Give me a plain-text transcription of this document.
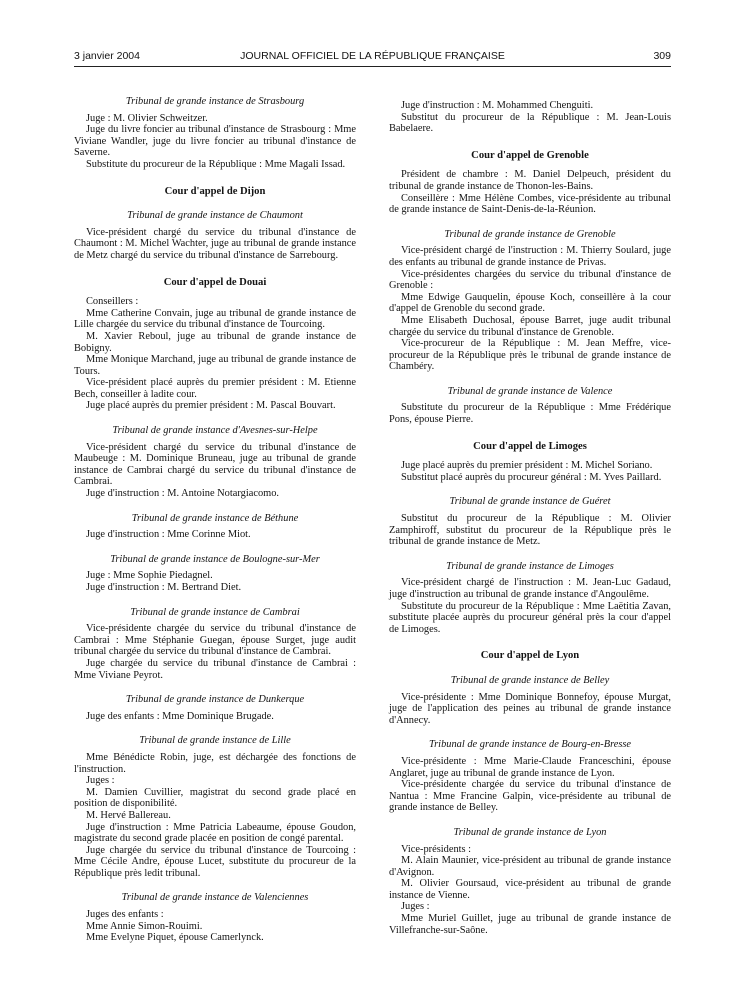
3 janvier 2004	JOURNAL OFFICIEL DE LA RÉPUBLIQUE FRANÇAISE	309
Tribunal de grande instance de Strasbourg

Juge : M. Olivier Schweitzer.

Juge du livre foncier au tribunal d'instance de Strasbourg : Mme Viviane Wandler, juge du livre foncier au tribunal d'instance de Saverne.

Substitute du procureur de la République : Mme Magali Issad.

Cour d'appel de Dijon
Tribunal de grande instance de Chaumont

Vice-président chargé du service du tribunal d'instance de Chaumont : M. Michel Wachter, juge au tribunal de grande instance de Metz chargé du service du tribunal d'instance de Sarrebourg.

Cour d'appel de Douai

Conseillers :

Mme Catherine Convain, juge au tribunal de grande instance de Lille chargée du service du tribunal d'instance de Tourcoing.

M. Xavier Reboul, juge au tribunal de grande instance de Bobigny.

Mme Monique Marchand, juge au tribunal de grande instance de Tours.

Vice-président placé auprès du premier président : M. Etienne Bech, conseiller à ladite cour.

Juge placé auprès du premier président : M. Pascal Bouvart.

Tribunal de grande instance d'Avesnes-sur-Helpe

Vice-président chargé du service du tribunal d'instance de Maubeuge : M. Dominique Bruneau, juge au tribunal de grande instance de Cambrai chargé du service du tribunal d'instance de Cambrai.

Juge d'instruction : M. Antoine Notargiacomo.

Tribunal de grande instance de Béthune

Juge d'instruction : Mme Corinne Miot.

Tribunal de grande instance de Boulogne-sur-Mer

Juge : Mme Sophie Piedagnel.

Juge d'instruction : M. Bertrand Diet.

Tribunal de grande instance de Cambrai

Vice-présidente chargée du service du tribunal d'instance de Cambrai : Mme Stéphanie Guegan, épouse Surget, juge audit tribunal chargée du service du tribunal d'instance de Cambrai.

Juge chargée du service du tribunal d'instance de Cambrai : Mme Viviane Peyrot.

Tribunal de grande instance de Dunkerque

Juge des enfants : Mme Dominique Brugade.

Tribunal de grande instance de Lille

Mme Bénédicte Robin, juge, est déchargée des fonctions de l'instruction.

Juges :

M. Damien Cuvillier, magistrat du second grade placé en position de disponibilité.

M. Hervé Ballereau.

Juge d'instruction : Mme Patricia Labeaume, épouse Goudon, magistrate du second grade placée en position de congé parental.

Juge chargée du service du tribunal d'instance de Tourcoing : Mme Cécile Andre, épouse Lucet, substitute du procureur de la République près ledit tribunal.

Tribunal de grande instance de Valenciennes

Juges des enfants :

Mme Annie Simon-Rouimi.

Mme Evelyne Piquet, épouse Camerlynck.

Juge d'instruction : M. Mohammed Chenguiti.

Substitut du procureur de la République : M. Jean-Louis Babelaere.

Cour d'appel de Grenoble

Président de chambre : M. Daniel Delpeuch, président du tribunal de grande instance de Thonon-les-Bains.

Conseillère : Mme Hélène Combes, vice-présidente au tribunal de grande instance de Saint-Denis-de-la-Réunion.

Tribunal de grande instance de Grenoble

Vice-président chargé de l'instruction : M. Thierry Soulard, juge des enfants au tribunal de grande instance de Privas.

Vice-présidentes chargées du service du tribunal d'instance de Grenoble :

Mme Edwige Gauquelin, épouse Koch, conseillère à la cour d'appel de Grenoble du second grade.

Mme Elisabeth Duchosal, épouse Barret, juge audit tribunal chargée du service du tribunal d'instance de Grenoble.

Vice-procureur de la République : M. Jean Meffre, vice-procureur de la République près le tribunal de grande instance de Chambéry.

Tribunal de grande instance de Valence

Substitute du procureur de la République : Mme Frédérique Pons, épouse Pierre.

Cour d'appel de Limoges

Juge placé auprès du premier président : M. Michel Soriano.

Substitut placé auprès du procureur général : M. Yves Paillard.

Tribunal de grande instance de Guéret

Substitut du procureur de la République : M. Olivier Zamphiroff, substitut du procureur de la République près le tribunal de grande instance de Metz.

Tribunal de grande instance de Limoges

Vice-président chargé de l'instruction : M. Jean-Luc Gadaud, juge d'instruction au tribunal de grande instance d'Angoulême.

Substitute du procureur de la République : Mme Laëtitia Zavan, substitute placée auprès du procureur général près la cour d'appel de Limoges.

Cour d'appel de Lyon
Tribunal de grande instance de Belley

Vice-présidente : Mme Dominique Bonnefoy, épouse Murgat, juge de l'application des peines au tribunal de grande instance d'Annecy.

Tribunal de grande instance de Bourg-en-Bresse

Vice-présidente : Mme Marie-Claude Franceschini, épouse Anglaret, juge au tribunal de grande instance de Lyon.

Vice-présidente chargée du service du tribunal d'instance de Nantua : Mme Francine Galpin, vice-présidente au tribunal de grande instance de Belley.

Tribunal de grande instance de Lyon

Vice-présidents :

M. Alain Maunier, vice-président au tribunal de grande instance d'Avignon.

M. Olivier Goursaud, vice-président au tribunal de grande instance de Vienne.

Juges :

Mme Muriel Guillet, juge au tribunal de grande instance de Villefranche-sur-Saône.
